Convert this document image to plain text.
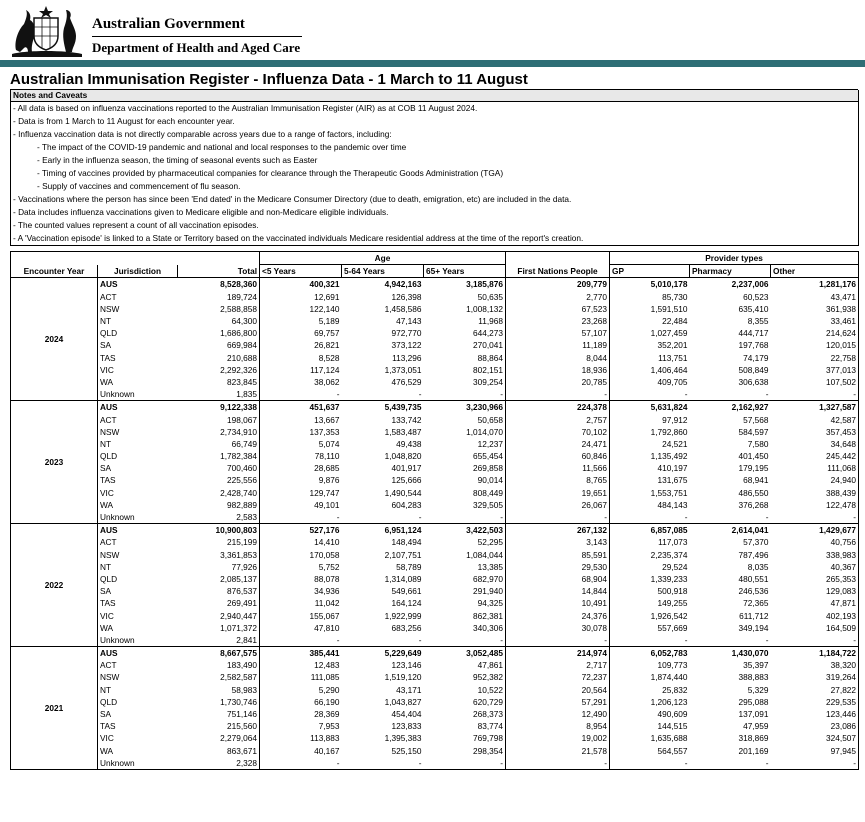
Australian Government
Department of Health and Aged Care
Australian Immunisation Register - Influenza Data - 1 March to 11 August
Notes and Caveats
- All data is based on influenza vaccinations reported to the Australian Immunisation Register (AIR) as at COB 11 August 2024.
- Data is from 1 March to 11 August for each encounter year.
- Influenza vaccination data is not directly comparable across years due to a range of factors, including:
- The impact of the COVID-19 pandemic and national and local responses to the pandemic over time
- Early in the influenza season, the timing of seasonal events such as Easter
- Timing of vaccines provided by pharmaceutical companies for clearance through the Therapeutic Goods Administration (TGA)
- Supply of vaccines and commencement of flu season.
- Vaccinations where the person has since been 'End dated' in the Medicare Consumer Directory (due to death, emigration, etc) are included in the data.
- Data includes influenza vaccinations given to Medicare eligible and non-Medicare eligible individuals.
- The counted values represent a count of all vaccination episodes.
- A 'Vaccination episode' is linked to a State or Territory based on the vaccinated individuals Medicare residential address at the time of the report's creation.
			Age				Provider types		
Encounter Year	Jurisdiction	Total	<5 Years	5-64 Years	65+ Years	First Nations People	GP	Pharmacy	Other
2024	AUS	8,528,360	400,321	4,942,163	3,185,876	209,779	5,010,178	2,237,006	1,281,176
	ACT	189,724	12,691	126,398	50,635	2,770	85,730	60,523	43,471
	NSW	2,588,858	122,140	1,458,586	1,008,132	67,523	1,591,510	635,410	361,938
	NT	64,300	5,189	47,143	11,968	23,268	22,484	8,355	33,461
	QLD	1,686,800	69,757	972,770	644,273	57,107	1,027,459	444,717	214,624
	SA	669,984	26,821	373,122	270,041	11,189	352,201	197,768	120,015
	TAS	210,688	8,528	113,296	88,864	8,044	113,751	74,179	22,758
	VIC	2,292,326	117,124	1,373,051	802,151	18,936	1,406,464	508,849	377,013
	WA	823,845	38,062	476,529	309,254	20,785	409,705	306,638	107,502
	Unknown	1,835	-	-	-	-	-	-	-
2023	AUS	9,122,338	451,637	5,439,735	3,230,966	224,378	5,631,824	2,162,927	1,327,587
	ACT	198,067	13,667	133,742	50,658	2,757	97,912	57,568	42,587
	NSW	2,734,910	137,353	1,583,487	1,014,070	70,102	1,792,860	584,597	357,453
	NT	66,749	5,074	49,438	12,237	24,471	24,521	7,580	34,648
	QLD	1,782,384	78,110	1,048,820	655,454	60,846	1,135,492	401,450	245,442
	SA	700,460	28,685	401,917	269,858	11,566	410,197	179,195	111,068
	TAS	225,556	9,876	125,666	90,014	8,765	131,675	68,941	24,940
	VIC	2,428,740	129,747	1,490,544	808,449	19,651	1,553,751	486,550	388,439
	WA	982,889	49,101	604,283	329,505	26,067	484,143	376,268	122,478
	Unknown	2,583	-	-	-	-	-	-	-
2022	AUS	10,900,803	527,176	6,951,124	3,422,503	267,132	6,857,085	2,614,041	1,429,677
	ACT	215,199	14,410	148,494	52,295	3,143	117,073	57,370	40,756
	NSW	3,361,853	170,058	2,107,751	1,084,044	85,591	2,235,374	787,496	338,983
	NT	77,926	5,752	58,789	13,385	29,530	29,524	8,035	40,367
	QLD	2,085,137	88,078	1,314,089	682,970	68,904	1,339,233	480,551	265,353
	SA	876,537	34,936	549,661	291,940	14,844	500,918	246,536	129,083
	TAS	269,491	11,042	164,124	94,325	10,491	149,255	72,365	47,871
	VIC	2,940,447	155,067	1,922,999	862,381	24,376	1,926,542	611,712	402,193
	WA	1,071,372	47,810	683,256	340,306	30,078	557,669	349,194	164,509
	Unknown	2,841	-	-	-	-	-	-	-
2021	AUS	8,667,575	385,441	5,229,649	3,052,485	214,974	6,052,783	1,430,070	1,184,722
	ACT	183,490	12,483	123,146	47,861	2,717	109,773	35,397	38,320
	NSW	2,582,587	111,085	1,519,120	952,382	72,237	1,874,440	388,883	319,264
	NT	58,983	5,290	43,171	10,522	20,564	25,832	5,329	27,822
	QLD	1,730,746	66,190	1,043,827	620,729	57,291	1,206,123	295,088	229,535
	SA	751,146	28,369	454,404	268,373	12,490	490,609	137,091	123,446
	TAS	215,560	7,953	123,833	83,774	8,954	144,515	47,959	23,086
	VIC	2,279,064	113,883	1,395,383	769,798	19,002	1,635,688	318,869	324,507
	WA	863,671	40,167	525,150	298,354	21,578	564,557	201,169	97,945
	Unknown	2,328	-	-	-	-	-	-	-
